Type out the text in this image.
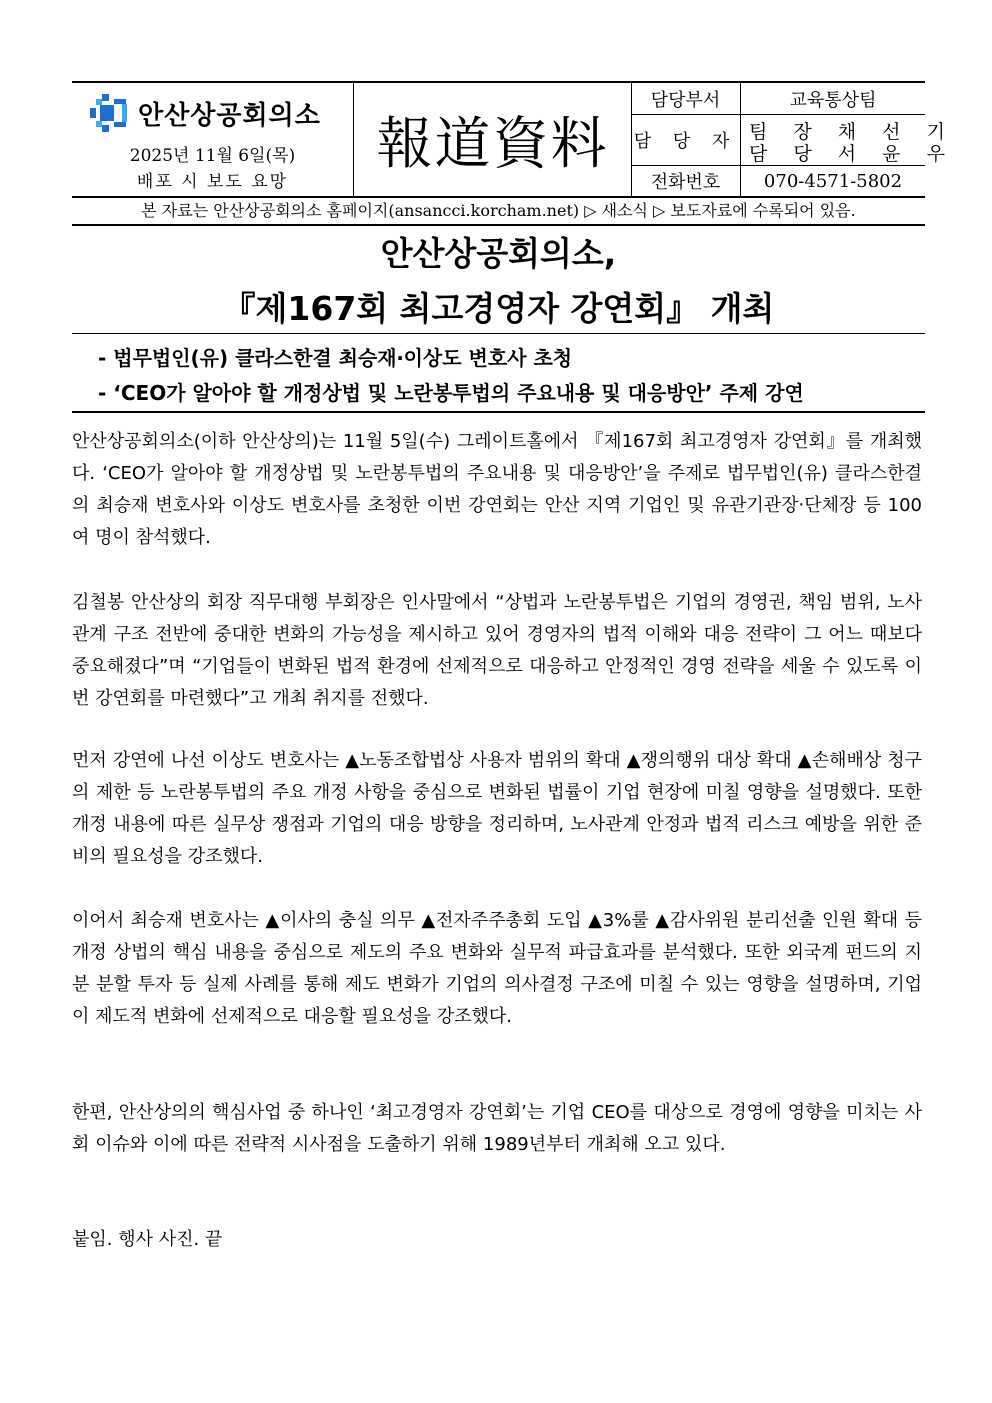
안산상공회의소
2025년 11월 6일(목)
배포 시 보도 요망
報道資料
담당부서	교육통상팀
담 당 자 팀 장 채 선 기
담 당 서 윤 우
전화번호	070-4571-5802
본 자료는 안산상공회의소 홈페이지(ansancci.korcham.net) ▷ 새소식 ▷ 보도자료에 수록되어 있음.
안산상공회의소,
『제167회 최고경영자 강연회』 개최
- 법무법인(유) 클라스한결 최승재‧이상도 변호사 초청
- ‘CEO가 알아야 할 개정상법 및 노란봉투법의 주요내용 및 대응방안’ 주제 강연

안산상공회의소(이하 안산상의)는 11월 5일(수) 그레이트홀에서 『제167회 최고경영자 강연회』를 개최했다. ‘CEO가 알아야 할 개정상법 및 노란봉투법의 주요내용 및 대응방안’을 주제로 법무법인(유) 클라스한결의 최승재 변호사와 이상도 변호사를 초청한 이번 강연회는 안산 지역 기업인 및 유관기관장‧단체장 등 100여 명이 참석했다.

김철봉 안산상의 회장 직무대행 부회장은 인사말에서 “상법과 노란봉투법은 기업의 경영권, 책임 범위, 노사관계 구조 전반에 중대한 변화의 가능성을 제시하고 있어 경영자의 법적 이해와 대응 전략이 그 어느 때보다 중요해졌다”며 “기업들이 변화된 법적 환경에 선제적으로 대응하고 안정적인 경영 전략을 세울 수 있도록 이번 강연회를 마련했다”고 개최 취지를 전했다.

먼저 강연에 나선 이상도 변호사는 ▲노동조합법상 사용자 범위의 확대 ▲쟁의행위 대상 확대 ▲손해배상 청구의 제한 등 노란봉투법의 주요 개정 사항을 중심으로 변화된 법률이 기업 현장에 미칠 영향을 설명했다. 또한 개정 내용에 따른 실무상 쟁점과 기업의 대응 방향을 정리하며, 노사관계 안정과 법적 리스크 예방을 위한 준비의 필요성을 강조했다.

이어서 최승재 변호사는 ▲이사의 충실 의무 ▲전자주주총회 도입 ▲3%룰 ▲감사위원 분리선출 인원 확대 등 개정 상법의 핵심 내용을 중심으로 제도의 주요 변화와 실무적 파급효과를 분석했다. 또한 외국계 펀드의 지분 분할 투자 등 실제 사례를 통해 제도 변화가 기업의 의사결정 구조에 미칠 수 있는 영향을 설명하며, 기업이 제도적 변화에 선제적으로 대응할 필요성을 강조했다.

한편, 안산상의의 핵심사업 중 하나인 ‘최고경영자 강연회’는 기업 CEO를 대상으로 경영에 영향을 미치는 사회 이슈와 이에 따른 전략적 시사점을 도출하기 위해 1989년부터 개최해 오고 있다.

붙임. 행사 사진. 끝
